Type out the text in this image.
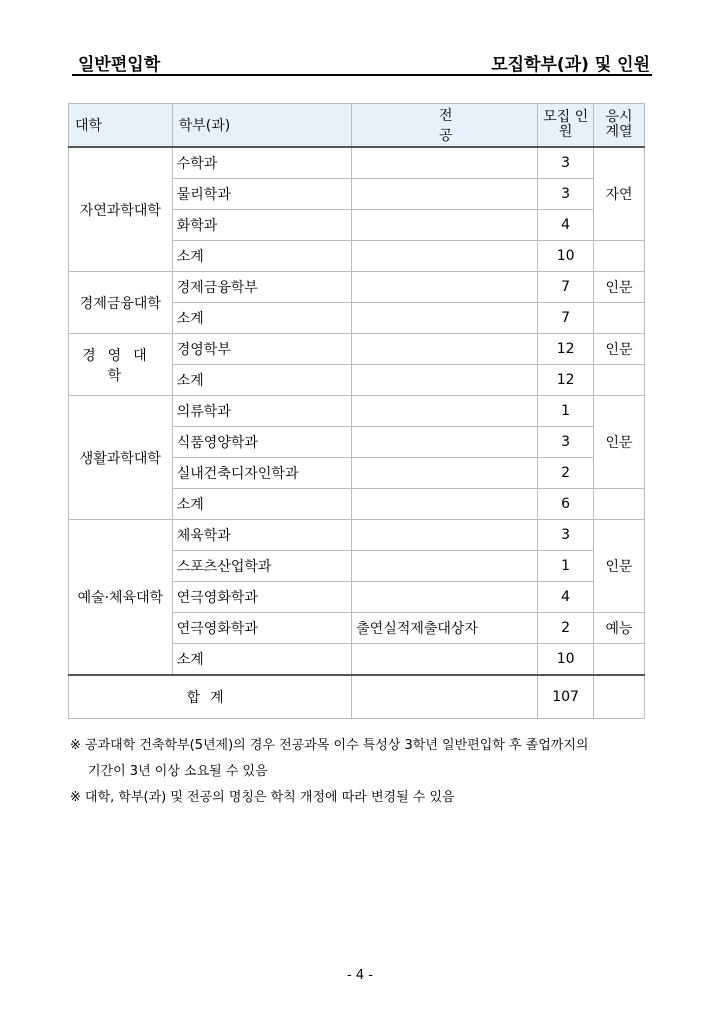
일반편입학	모집학부(과) 및 인원
대학	학부(과)	전공	모집 인원	응시 계열
자연과학대학	수학과		3	자연
	물리학과		3	
	화학과		4	
	소계		10	
경제금융대학	경제금융학부		7	인문
	소계		7	
경영대학	경영학부		12	인문
	소계		12	
생활과학대학	의류학과		1	인문
	식품영양학과		3	
	실내건축디자인학과		2	
	소계		6	
예술·체육대학	체육학과		3	인문
	스포츠산업학과		1	
	연극영화학과		4	
	연극영화학과	출연실적제출대상자	2	예능
	소계		10	
합계			107	
※ 공과대학 건축학부(5년제)의 경우 전공과목 이수 특성상 3학년 일반편입학 후 졸업까지의
기간이 3년 이상 소요될 수 있음
※ 대학, 학부(과) 및 전공의 명칭은 학칙 개정에 따라 변경될 수 있음
- 4 -
